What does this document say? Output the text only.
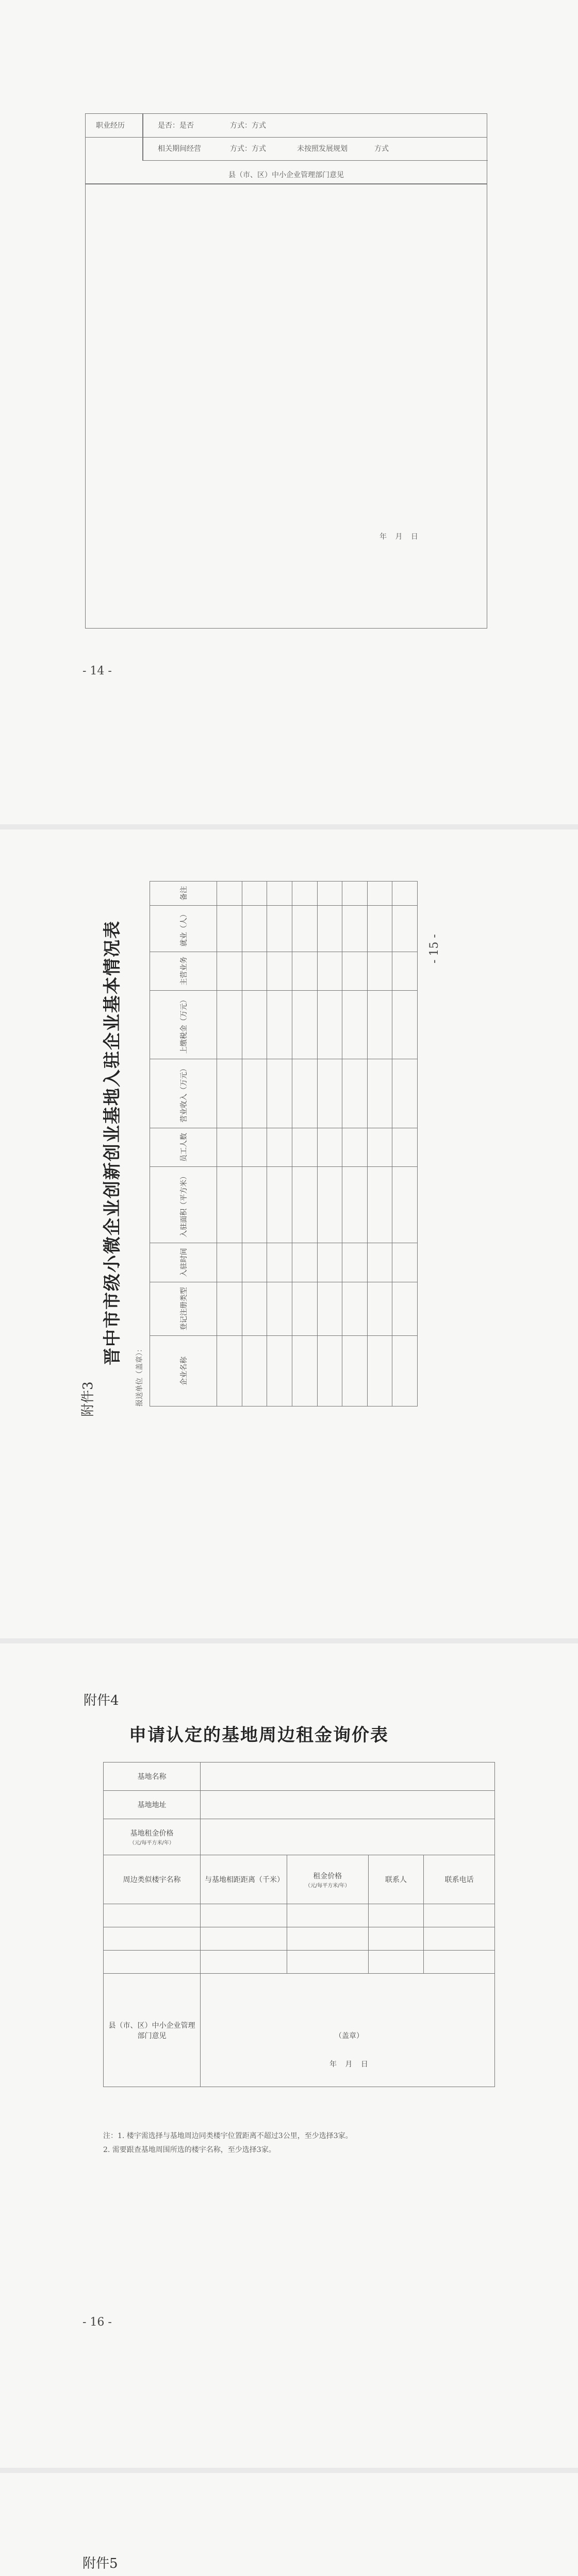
职业经历	是否：是否	方式：方式
相关期间经营	方式：方式	未按照发展规划	方式
县（市、区）中小企业管理部门意见
年 月 日
- 14 -
附件3
晋中市市级小微企业创新创业基地入驻企业基本情况表
报送单位（盖章）：	企业名称	登记注册类型	入驻时间	入驻面积（平方米）	员工人数	营业收入（万元）	上缴税金（万元）	主营业务	就业（人）	备注

- 15 -
附件4
申请认定的基地周边租金询价表
基地名称				
基地地址				

基地租金价格
（元/每平方米/年）				

周边类似楼宇名称	与基地相距距离（千米）	租金价格
（元/每平方米/年）	联系人	联系电话

县（市、区）中小企业管理部门意见	（盖章）
年 月 日			
注：1. 楼宇需选择与基地周边同类楼宇位置距离不超过3公里，至少选择3家。
2. 需要跟查基地周围所选的楼宇名称，至少选择3家。
- 16 -
附件5
